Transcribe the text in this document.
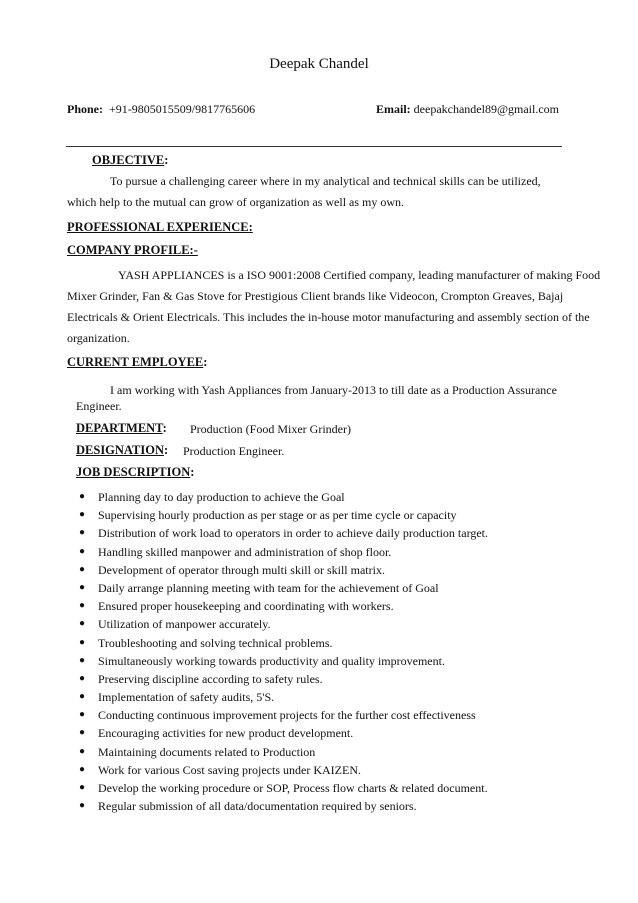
Deepak Chandel
Phone: +91-9805015509/9817765606	Email: deepakchandel89@gmail.com
OBJECTIVE:
To pursue a challenging career where in my analytical and technical skills can be utilized,
which help to the mutual can grow of organization as well as my own.
PROFESSIONAL EXPERIENCE:
COMPANY PROFILE:-
YASH APPLIANCES is a ISO 9001:2008 Certified company, leading manufacturer of making Food
Mixer Grinder, Fan & Gas Stove for Prestigious Client brands like Videocon, Crompton Greaves, Bajaj
Electricals & Orient Electricals. This includes the in-house motor manufacturing and assembly section of the
organization.
CURRENT EMPLOYEE:
I am working with Yash Appliances from January-2013 to till date as a Production Assurance
Engineer.
DEPARTMENT: Production (Food Mixer Grinder)
DESIGNATION: Production Engineer.
JOB DESCRIPTION:
● Planning day to day production to achieve the Goal
● Supervising hourly production as per stage or as per time cycle or capacity
● Distribution of work load to operators in order to achieve daily production target.
● Handling skilled manpower and administration of shop floor.
● Development of operator through multi skill or skill matrix.
● Daily arrange planning meeting with team for the achievement of Goal
● Ensured proper housekeeping and coordinating with workers.
● Utilization of manpower accurately.
● Troubleshooting and solving technical problems.
● Simultaneously working towards productivity and quality improvement.
● Preserving discipline according to safety rules.
● Implementation of safety audits, 5'S.
● Conducting continuous improvement projects for the further cost effectiveness
● Encouraging activities for new product development.
● Maintaining documents related to Production
● Work for various Cost saving projects under KAIZEN.
● Develop the working procedure or SOP, Process flow charts & related document.
● Regular submission of all data/documentation required by seniors.
